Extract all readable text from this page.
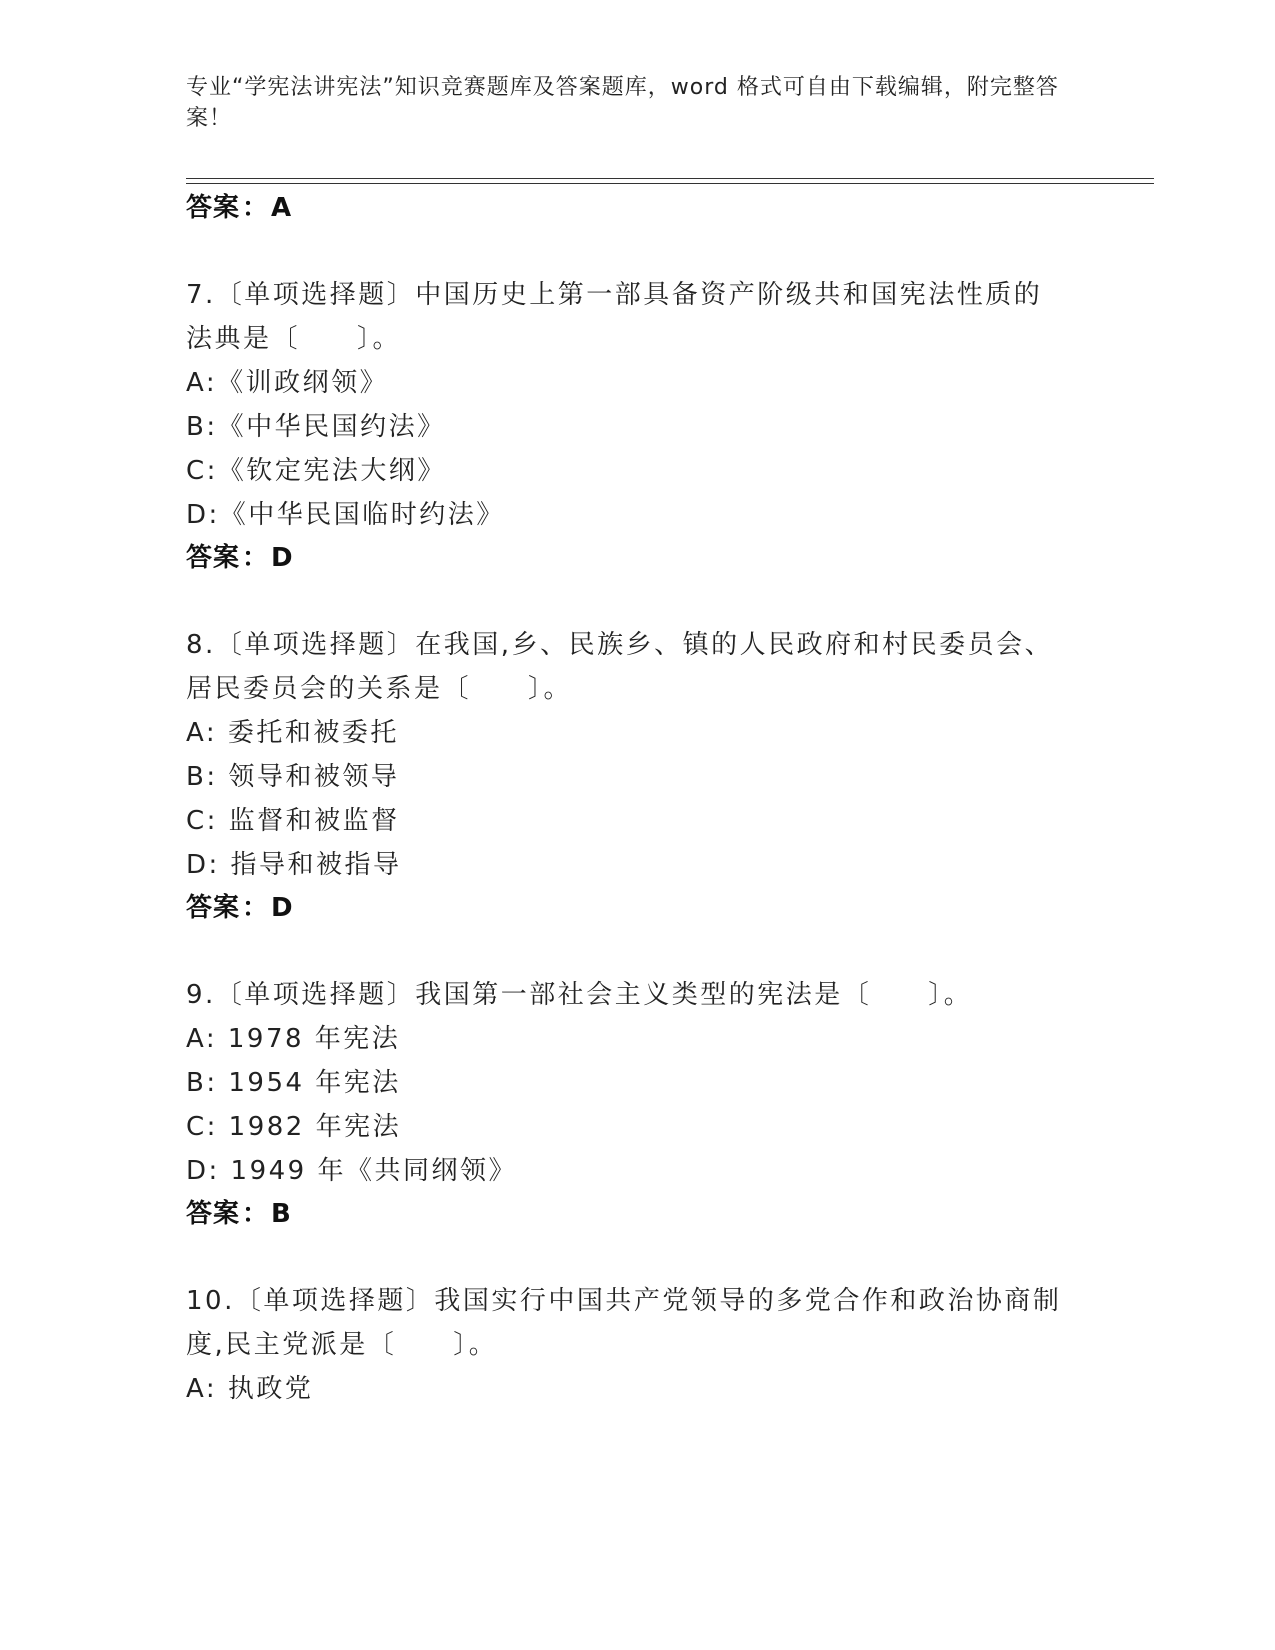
专业“学宪法讲宪法”知识竞赛题库及答案题库，word 格式可自由下载编辑，附完整答案！
答案：A
7.〔单项选择题〕中国历史上第一部具备资产阶级共和国宪法性质的
法典是〔　　〕。
A:《训政纲领》
B:《中华民国约法》
C:《钦定宪法大纲》
D:《中华民国临时约法》
答案：D
8.〔单项选择题〕在我国,乡、民族乡、镇的人民政府和村民委员会、
居民委员会的关系是〔　　〕。
A: 委托和被委托
B: 领导和被领导
C: 监督和被监督
D: 指导和被指导
答案：D
9.〔单项选择题〕我国第一部社会主义类型的宪法是〔　　〕。
A: 1978 年宪法
B: 1954 年宪法
C: 1982 年宪法
D: 1949 年《共同纲领》
答案：B
10.〔单项选择题〕我国实行中国共产党领导的多党合作和政治协商制
度,民主党派是〔　　〕。
A: 执政党
